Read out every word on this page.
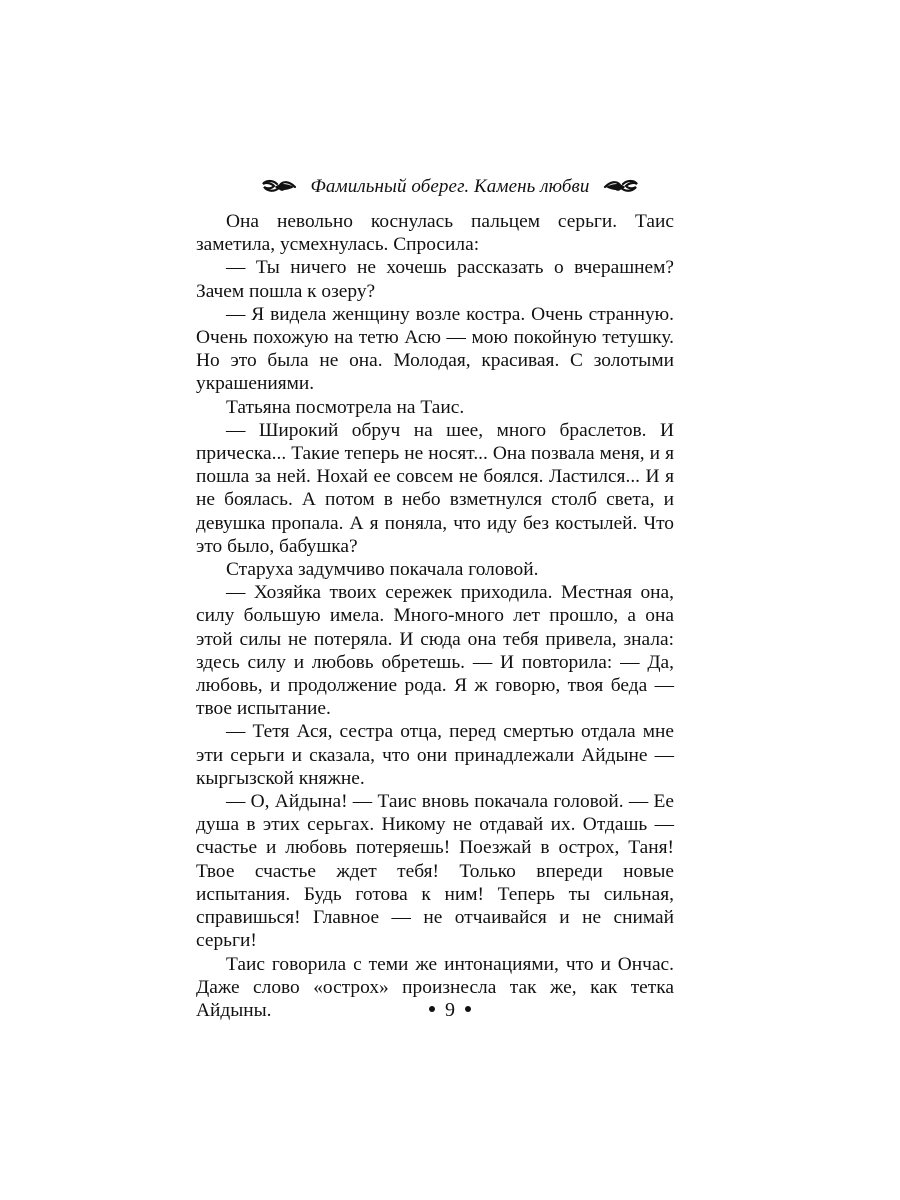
Фамильный оберег. Камень любви

Она невольно коснулась пальцем серьги. Таис заметила, усмехнулась. Спросила:

— Ты ничего не хочешь рассказать о вчерашнем? Зачем пошла к озеру?

— Я видела женщину возле костра. Очень странную. Очень похожую на тетю Асю — мою покойную тетушку. Но это была не она. Молодая, красивая. С золотыми украшениями.

Татьяна посмотрела на Таис.

— Широкий обруч на шее, много браслетов. И прическа... Такие теперь не носят... Она позвала меня, и я пошла за ней. Нохай ее совсем не боялся. Ластился... И я не боялась. А потом в небо взметнулся столб света, и девушка пропала. А я поняла, что иду без костылей. Что это было, бабушка?

Старуха задумчиво покачала головой.

— Хозяйка твоих сережек приходила. Местная она, силу большую имела. Много-много лет прошло, а она этой силы не потеряла. И сюда она тебя привела, знала: здесь силу и любовь обретешь. — И повторила: — Да, любовь, и продолжение рода. Я ж говорю, твоя беда — твое испытание.

— Тетя Ася, сестра отца, перед смертью отдала мне эти серьги и сказала, что они принадлежали Айдыне — кыргызской княжне.

— О, Айдына! — Таис вновь покачала головой. — Ее душа в этих серьгах. Никому не отдавай их. Отдашь — счастье и любовь потеряешь! Поезжай в острох, Таня! Твое счастье ждет тебя! Только впереди новые испытания. Будь готова к ним! Теперь ты сильная, справишься! Главное — не отчаивайся и не снимай серьги!

Таис говорила с теми же интонациями, что и Ончас. Даже слово «острох» произнесла так же, как тетка Айдыны.	9
